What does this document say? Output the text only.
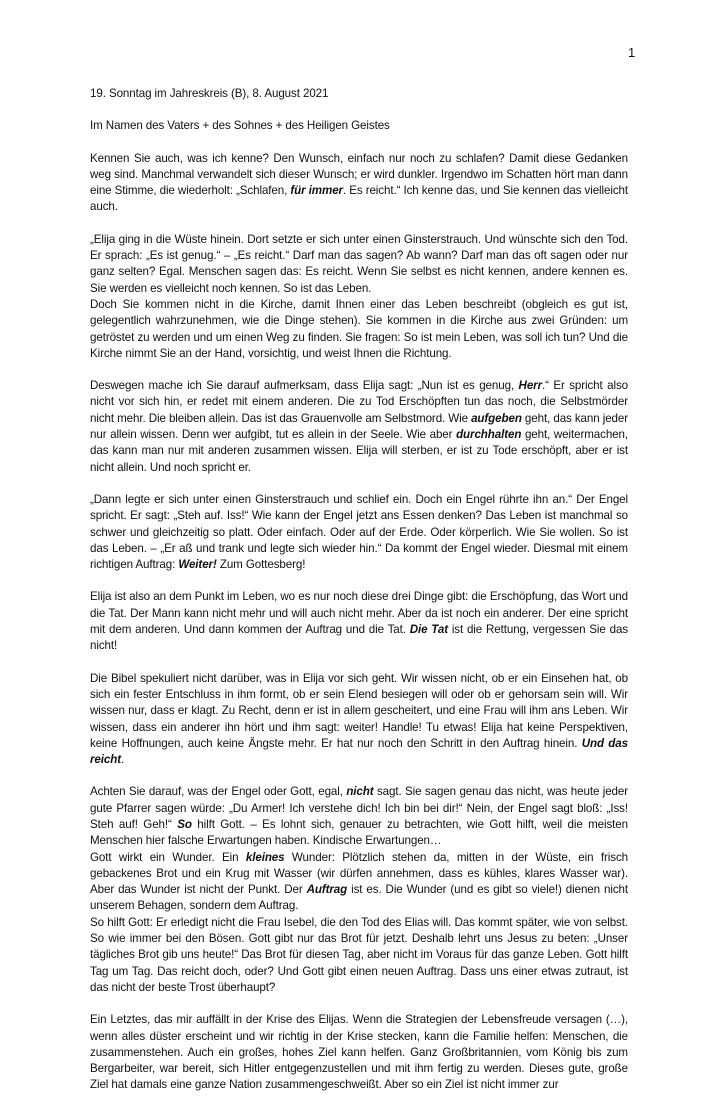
1

19. Sonntag im Jahreskreis (B), 8. August 2021

Im Namen des Vaters + des Sohnes + des Heiligen Geistes

Kennen Sie auch, was ich kenne? Den Wunsch, einfach nur noch zu schlafen? Damit diese Gedanken weg sind. Manchmal verwandelt sich dieser Wunsch; er wird dunkler. Irgendwo im Schatten hört man dann eine Stimme, die wiederholt: „Schlafen, für immer. Es reicht.“ Ich kenne das, und Sie kennen das vielleicht auch.

„Elija ging in die Wüste hinein. Dort setzte er sich unter einen Ginsterstrauch. Und wünschte sich den Tod. Er sprach: „Es ist genug.“ – „Es reicht.“ Darf man das sagen? Ab wann? Darf man das oft sagen oder nur ganz selten? Egal. Menschen sagen das: Es reicht. Wenn Sie selbst es nicht kennen, andere kennen es. Sie werden es vielleicht noch kennen. So ist das Leben.

Doch Sie kommen nicht in die Kirche, damit Ihnen einer das Leben beschreibt (obgleich es gut ist, gelegentlich wahrzunehmen, wie die Dinge stehen). Sie kommen in die Kirche aus zwei Gründen: um getröstet zu werden und um einen Weg zu finden. Sie fragen: So ist mein Leben, was soll ich tun? Und die Kirche nimmt Sie an der Hand, vorsichtig, und weist Ihnen die Richtung.

Deswegen mache ich Sie darauf aufmerksam, dass Elija sagt: „Nun ist es genug, Herr.“ Er spricht also nicht vor sich hin, er redet mit einem anderen. Die zu Tod Erschöpften tun das noch, die Selbstmörder nicht mehr. Die bleiben allein. Das ist das Grauenvolle am Selbstmord. Wie aufgeben geht, das kann jeder nur allein wissen. Denn wer aufgibt, tut es allein in der Seele. Wie aber durchhalten geht, weitermachen, das kann man nur mit anderen zusammen wissen. Elija will sterben, er ist zu Tode erschöpft, aber er ist nicht allein. Und noch spricht er.

„Dann legte er sich unter einen Ginsterstrauch und schlief ein. Doch ein Engel rührte ihn an.“ Der Engel spricht. Er sagt: „Steh auf. Iss!“ Wie kann der Engel jetzt ans Essen denken? Das Leben ist manchmal so schwer und gleichzeitig so platt. Oder einfach. Oder auf der Erde. Oder körperlich. Wie Sie wollen. So ist das Leben. – „Er aß und trank und legte sich wieder hin.“ Da kommt der Engel wieder. Diesmal mit einem richtigen Auftrag: Weiter! Zum Gottesberg!

Elija ist also an dem Punkt im Leben, wo es nur noch diese drei Dinge gibt: die Erschöpfung, das Wort und die Tat. Der Mann kann nicht mehr und will auch nicht mehr. Aber da ist noch ein anderer. Der eine spricht mit dem anderen. Und dann kommen der Auftrag und die Tat. Die Tat ist die Rettung, vergessen Sie das nicht!

Die Bibel spekuliert nicht darüber, was in Elija vor sich geht. Wir wissen nicht, ob er ein Einsehen hat, ob sich ein fester Entschluss in ihm formt, ob er sein Elend besiegen will oder ob er gehorsam sein will. Wir wissen nur, dass er klagt. Zu Recht, denn er ist in allem gescheitert, und eine Frau will ihm ans Leben. Wir wissen, dass ein anderer ihn hört und ihm sagt: weiter! Handle! Tu etwas! Elija hat keine Perspektiven, keine Hoffnungen, auch keine Ängste mehr. Er hat nur noch den Schritt in den Auftrag hinein. Und das reicht.

Achten Sie darauf, was der Engel oder Gott, egal, nicht sagt. Sie sagen genau das nicht, was heute jeder gute Pfarrer sagen würde: „Du Armer! Ich verstehe dich! Ich bin bei dir!“ Nein, der Engel sagt bloß: „Iss! Steh auf! Geh!“ So hilft Gott. – Es lohnt sich, genauer zu betrachten, wie Gott hilft, weil die meisten Menschen hier falsche Erwartungen haben. Kindische Erwartungen…

Gott wirkt ein Wunder. Ein kleines Wunder: Plötzlich stehen da, mitten in der Wüste, ein frisch gebackenes Brot und ein Krug mit Wasser (wir dürfen annehmen, dass es kühles, klares Wasser war). Aber das Wunder ist nicht der Punkt. Der Auftrag ist es. Die Wunder (und es gibt so viele!) dienen nicht unserem Behagen, sondern dem Auftrag.

So hilft Gott: Er erledigt nicht die Frau Isebel, die den Tod des Elias will. Das kommt später, wie von selbst. So wie immer bei den Bösen. Gott gibt nur das Brot für jetzt. Deshalb lehrt uns Jesus zu beten: „Unser tägliches Brot gib uns heute!“ Das Brot für diesen Tag, aber nicht im Voraus für das ganze Leben. Gott hilft Tag um Tag. Das reicht doch, oder? Und Gott gibt einen neuen Auftrag. Dass uns einer etwas zutraut, ist das nicht der beste Trost überhaupt?

Ein Letztes, das mir auffällt in der Krise des Elijas. Wenn die Strategien der Lebensfreude versagen (…), wenn alles düster erscheint und wir richtig in der Krise stecken, kann die Familie helfen: Menschen, die zusammenstehen. Auch ein großes, hohes Ziel kann helfen. Ganz Großbritannien, vom König bis zum Bergarbeiter, war bereit, sich Hitler entgegenzustellen und mit ihm fertig zu werden. Dieses gute, große Ziel hat damals eine ganze Nation zusammengeschweißt. Aber so ein Ziel ist nicht immer zur
